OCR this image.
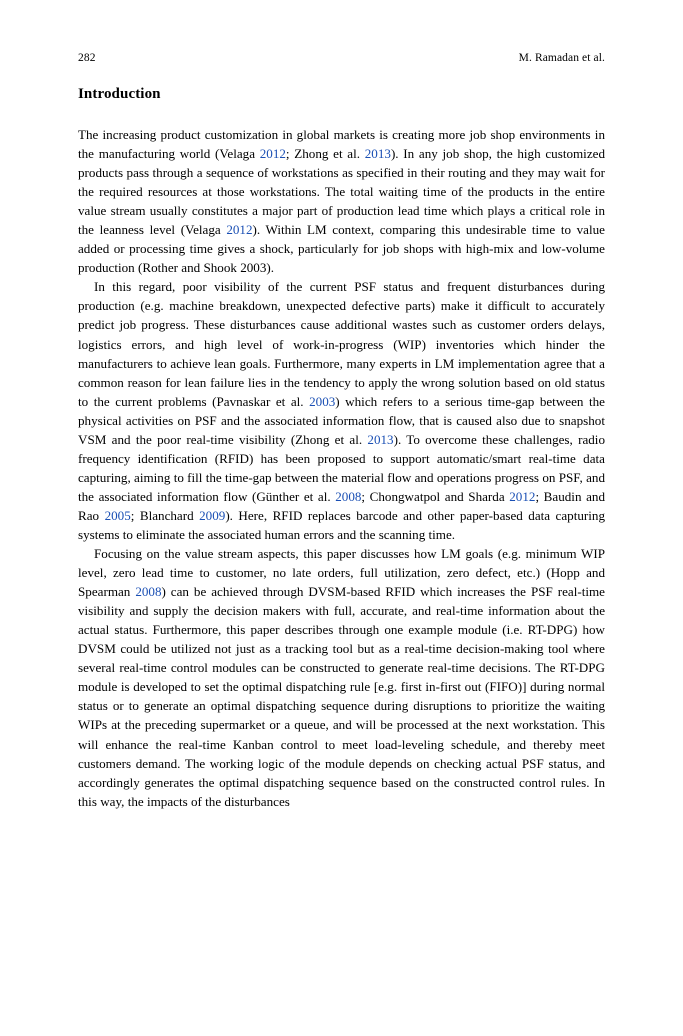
282	M. Ramadan et al.
Introduction

The increasing product customization in global markets is creating more job shop environments in the manufacturing world (Velaga 2012; Zhong et al. 2013). In any job shop, the high customized products pass through a sequence of workstations as specified in their routing and they may wait for the required resources at those workstations. The total waiting time of the products in the entire value stream usually constitutes a major part of production lead time which plays a critical role in the leanness level (Velaga 2012). Within LM context, comparing this undesirable time to value added or processing time gives a shock, particularly for job shops with high-mix and low-volume production (Rother and Shook 2003).

In this regard, poor visibility of the current PSF status and frequent disturbances during production (e.g. machine breakdown, unexpected defective parts) make it difficult to accurately predict job progress. These disturbances cause additional wastes such as customer orders delays, logistics errors, and high level of work-in-progress (WIP) inventories which hinder the manufacturers to achieve lean goals. Furthermore, many experts in LM implementation agree that a common reason for lean failure lies in the tendency to apply the wrong solution based on old status to the current problems (Pavnaskar et al. 2003) which refers to a serious time-gap between the physical activities on PSF and the associated information flow, that is caused also due to snapshot VSM and the poor real-time visibility (Zhong et al. 2013). To overcome these challenges, radio frequency identification (RFID) has been proposed to support automatic/smart real-time data capturing, aiming to fill the time-gap between the material flow and operations progress on PSF, and the associated information flow (Günther et al. 2008; Chongwatpol and Sharda 2012; Baudin and Rao 2005; Blanchard 2009). Here, RFID replaces barcode and other paper-based data capturing systems to eliminate the associated human errors and the scanning time.

Focusing on the value stream aspects, this paper discusses how LM goals (e.g. minimum WIP level, zero lead time to customer, no late orders, full utilization, zero defect, etc.) (Hopp and Spearman 2008) can be achieved through DVSM-based RFID which increases the PSF real-time visibility and supply the decision makers with full, accurate, and real-time information about the actual status. Furthermore, this paper describes through one example module (i.e. RT-DPG) how DVSM could be utilized not just as a tracking tool but as a real-time decision-making tool where several real-time control modules can be constructed to generate real-time decisions. The RT-DPG module is developed to set the optimal dispatching rule [e.g. first in-first out (FIFO)] during normal status or to generate an optimal dispatching sequence during disruptions to prioritize the waiting WIPs at the preceding supermarket or a queue, and will be processed at the next workstation. This will enhance the real-time Kanban control to meet load-leveling schedule, and thereby meet customers demand. The working logic of the module depends on checking actual PSF status, and accordingly generates the optimal dispatching sequence based on the constructed control rules. In this way, the impacts of the disturbances
